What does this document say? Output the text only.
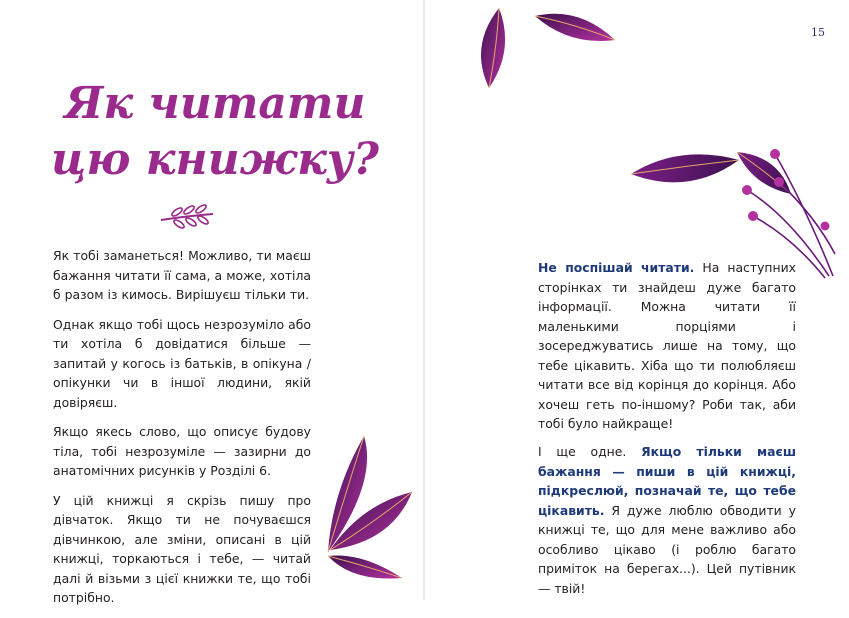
Як читати
цю книжку?

Як тобі заманеться! Можливо, ти маєш бажання читати її сама, а може, хотіла б разом із кимось. Вирішуєш тільки ти.

Однак якщо тобі щось незрозуміло або ти хотіла б довідатися більше — запитай у когось із батьків, в опікуна / опікунки чи в іншої людини, якій довіряєш.

Якщо якесь слово, що описує будову тіла, тобі незрозуміле — зазирни до анатомічних рисунків у Розділі 6.

У цій книжці я скрізь пишу про дівчаток. Якщо ти не почуваєшся дівчинкою, але зміни, описані в цій книжці, торкаються і тебе, — читай далі й візьми з цієї книжки те, що тобі потрібно.

15

Не поспішай читати. На наступних сторінках ти знайдеш дуже багато інформації. Можна читати її маленькими порціями і зосереджуватись лише на тому, що тебе цікавить. Хіба що ти полюбляєш читати все від корінця до корінця. Або хочеш геть по-іншому? Роби так, аби тобі було найкраще!

І ще одне. Якщо тільки маєш бажання — пиши в цій книжці, підкреслюй, позначай те, що тебе цікавить. Я дуже люблю обводити у книжці те, що для мене важливо або особливо цікаво (і роблю багато приміток на берегах...). Цей путівник — твій!
